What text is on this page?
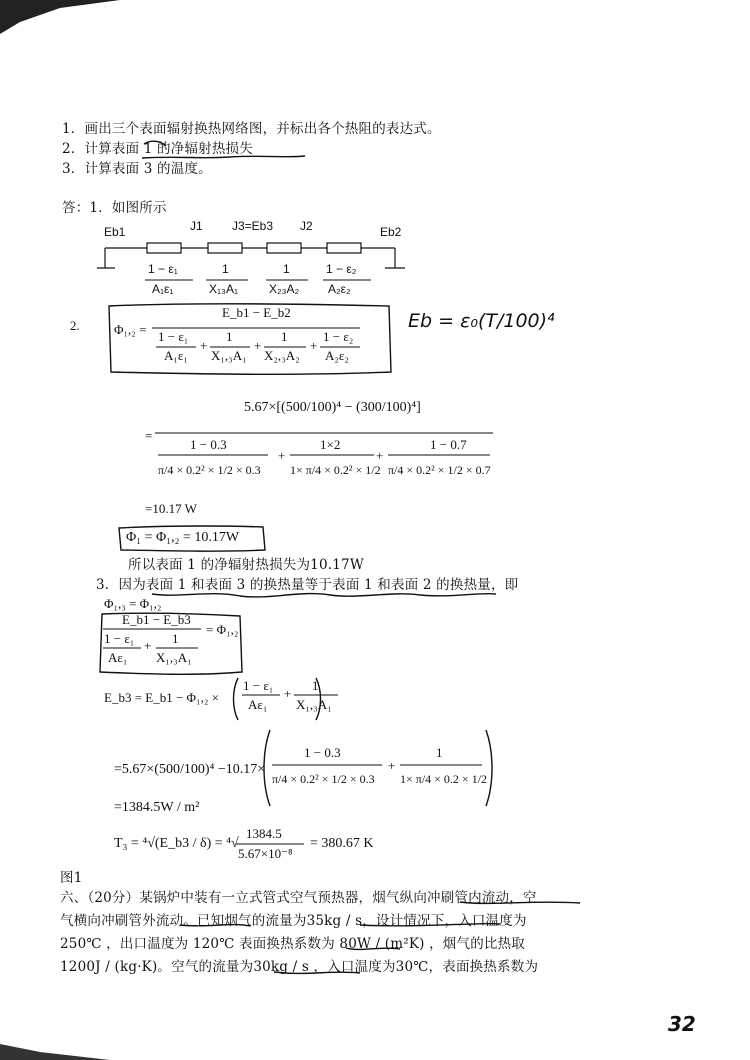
1．画出三个表面辐射换热网络图，并标出各个热阻的表达式。
2．计算表面 1 的净辐射热损失
3．计算表面 3 的温度。
答：1．如图所示
Eb1	J1 J3=Eb3 J2	Eb2
1 − ε₁
A₁ε₁
1
X₁₃A₁
1
X₂₃A₂
1 − ε₂
A₂ε₂
2.	Φ₁,₂ =
E_b1 − E_b2
1 − ε₁
A₁ε₁
+
1
X₁,₃A₁
+
1
X₂,₃A₂
+
1 − ε₂
A₂ε₂
Eb = ε₀(T/100)⁴
5.67×[(500/100)⁴ − (300/100)⁴]
=
1 − 0.3
π/4 × 0.2² × 1/2 × 0.3
+
1×2
1× π/4 × 0.2² × 1/2
+
1 − 0.7
π/4 × 0.2² × 1/2 × 0.7
=10.17 W
Φ₁ = Φ₁,₂ = 10.17W
所以表面 1 的净辐射热损失为10.17W
3．因为表面 1 和表面 3 的换热量等于表面 1 和表面 2 的换热量，即
Φ₁,₃ = Φ₁,₂
E_b1 − E_b3
1 − ε₁
Aε₁
+ 1
X₁,₃A₁
= Φ₁,₂
E_b3 = E_b1 − Φ₁,₂ ×
1 − ε₁
Aε₁
+
1
X₁,₃A₁
=5.67×(500/100)⁴ −10.17×
1 − 0.3
π/4 × 0.2² × 1/2 × 0.3
+
1
1× π/4 × 0.2 × 1/2
=1384.5W / m²
T₃ = ⁴√(E_b3 / δ) = ⁴√
1384.5
5.67×10⁻⁸
= 380.67 K
图1
六、（20分）某锅炉中装有一立式管式空气预热器，烟气纵向冲刷管内流动，空
气横向冲刷管外流动。已知烟气的流量为35kg / s，设计情况下，入口温度为
250℃ ，出口温度为 120℃ 表面换热系数为 80W / (m²K) ，烟气的比热取
1200J / (kg·K)。空气的流量为30kg / s ，入口温度为30℃，表面换热系数为
32
